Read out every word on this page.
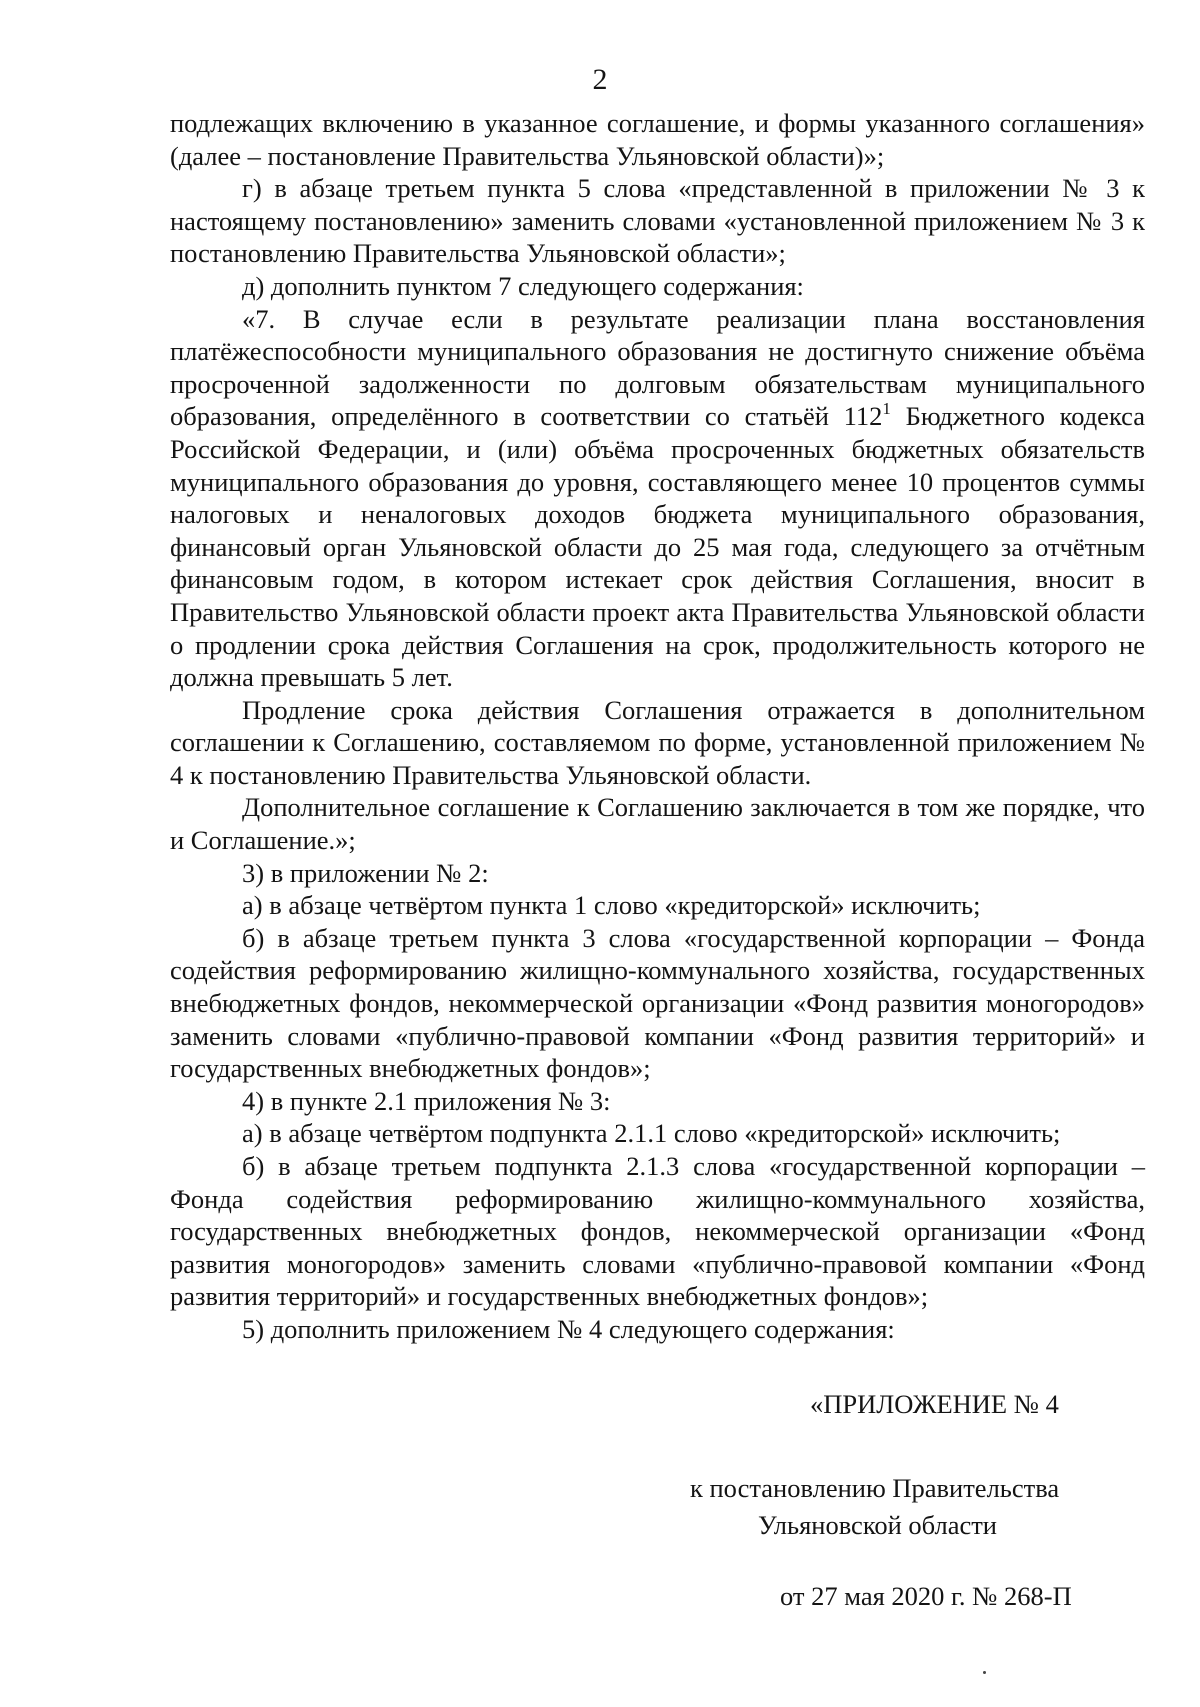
2

подлежащих включению в указанное соглашение, и формы указанного соглашения» (далее – постановление Правительства Ульяновской области)»;

г) в абзаце третьем пункта 5 слова «представленной в приложении № 3 к настоящему постановлению» заменить словами «установленной приложением № 3 к постановлению Правительства Ульяновской области»;

д) дополнить пунктом 7 следующего содержания:

«7. В случае если в результате реализации плана восстановления платёжеспособности муниципального образования не достигнуто снижение объёма просроченной задолженности по долговым обязательствам муниципального образования, определённого в соответствии со статьёй $112^1$ Бюджетного кодекса Российской Федерации, и (или) объёма просроченных бюджетных обязательств муниципального образования до уровня, составляющего менее 10 процентов суммы налоговых и неналоговых доходов бюджета муниципального образования, финансовый орган Ульяновской области до 25 мая года, следующего за отчётным финансовым годом, в котором истекает срок действия Соглашения, вносит в Правительство Ульяновской области проект акта Правительства Ульяновской области о продлении срока действия Соглашения на срок, продолжительность которого не должна превышать 5 лет.

Продление срока действия Соглашения отражается в дополнительном соглашении к Соглашению, составляемом по форме, установленной приложением № 4 к постановлению Правительства Ульяновской области.

Дополнительное соглашение к Соглашению заключается в том же порядке, что и Соглашение.»;

3) в приложении № 2:

а) в абзаце четвёртом пункта 1 слово «кредиторской» исключить;

б) в абзаце третьем пункта 3 слова «государственной корпорации – Фонда содействия реформированию жилищно-коммунального хозяйства, государственных внебюджетных фондов, некоммерческой организации «Фонд развития моногородов» заменить словами «публично-правовой компании «Фонд развития территорий» и государственных внебюджетных фондов»;

4) в пункте 2.1 приложения № 3:

а) в абзаце четвёртом подпункта 2.1.1 слово «кредиторской» исключить;

б) в абзаце третьем подпункта 2.1.3 слова «государственной корпорации – Фонда содействия реформированию жилищно-коммунального хозяйства, государственных внебюджетных фондов, некоммерческой организации «Фонд развития моногородов» заменить словами «публично-правовой компании «Фонд развития территорий» и государственных внебюджетных фондов»;

5) дополнить приложением № 4 следующего содержания:

«ПРИЛОЖЕНИЕ № 4
к постановлению Правительства
Ульяновской области
от 27 мая 2020 г. № 268-П
